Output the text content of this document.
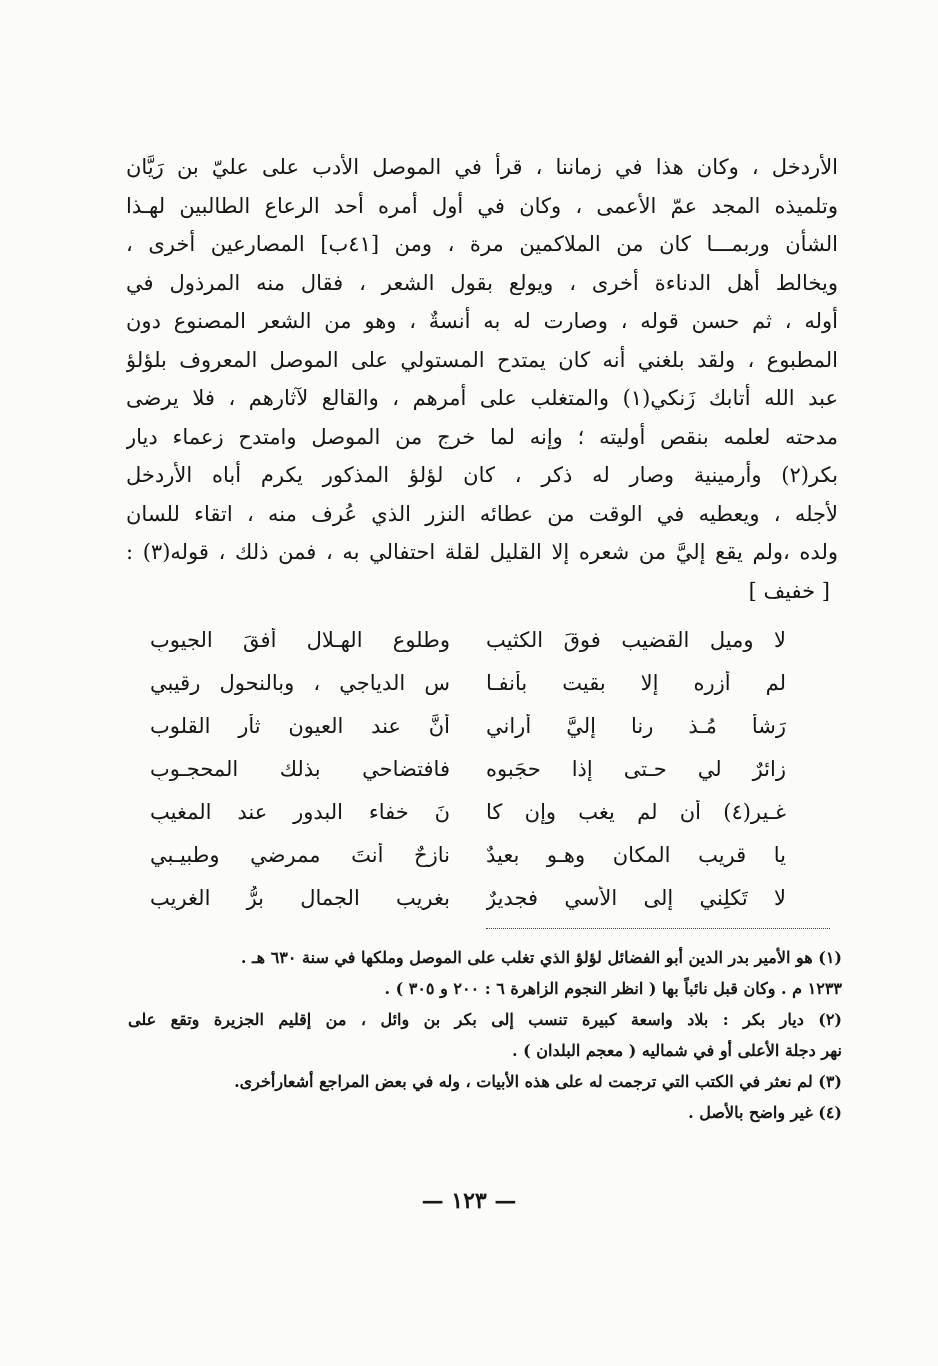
الأردخل ، وكان هذا في زماننا ، قرأ في الموصل الأدب على عليّ بن رَيَّان
وتلميذه المجد عمّ الأعمى ، وكان في أول أمره أحد الرعاع الطالبين لهـذا
الشأن وربمـــا كان من الملاكمين مرة ، ومن [٤١ب] المصارعين أخرى ،
ويخالط أهل الدناءة أخرى ، ويولع بقول الشعر ، فقال منه المرذول في
أوله ، ثم حسن قوله ، وصارت له به أنسةٌ ، وهو من الشعر المصنوع دون
المطبوع ، ولقد بلغني أنه كان يمتدح المستولي على الموصل المعروف بلؤلؤ
عبد الله أتابك زَنكي(١) والمتغلب على أمرهم ، والقالع لآثارهم ، فلا يرضى
مدحته لعلمه بنقص أوليته ؛ وإنه لما خرج من الموصل وامتدح زعماء ديار
بكر(٢) وأرمينية وصار له ذكر ، كان لؤلؤ المذكور يكرم أباه الأردخل
لأجله ، ويعطيه في الوقت من عطائه النزر الذي عُرف منه ، اتقاء للسان
ولده ،ولم يقع إليَّ من شعره إلا القليل لقلة احتفالي به ، فمن ذلك ، قوله(٣) :
[ خفيف ]
لا وميل القضيب فوقَ الكثيب
وطلوع الهـلال أُفقَ الجيوبِ
لم أزره إلا بقيت بأنفـا
سِ الدياجي ، وبالنحول رقيبي
رَشأٌ مُـذ رنا إليَّ أراني
أنَّ عند العيون ثأر القلوب
زائرٌ لي حـتى إذا حجَبوه
فافتضاحي بذلك المحجـوبِ
غـير(٤) أن لم يغب وإن كا
نَ خفاء البدور عند المغيبِ
يا قريب المكان وهـو بعيدٌ
نازحٌ أنتَ ممرضي وطبيـبي
لا تَكلِني إلى الأسي فجديرٌ
بغريب الجمال برُّ الغريب
(١) هو الأمير بدر الدين أبو الفضائل لؤلؤ الذي تغلب على الموصل وملكها في سنة ٦٣٠ هـ .
١٢٣٣ م . وكان قبل نائباً بها ( انظر النجوم الزاهرة ٦ : ٢٠٠ و ٣٠٥ ) .
(٢) ديار بكر : بلاد واسعة كبيرة تنسب إلى بكر بن وائل ، من إقليم الجزيرة وتقع على
نهر دجلة الأعلى أو في شماليه ( معجم البلدان ) .
(٣) لم نعثر في الكتب التي ترجمت له على هذه الأبيات ، وله في بعض المراجع أشعارأخرى.
(٤) غير واضح بالأصل .
— ١٢٣ —
